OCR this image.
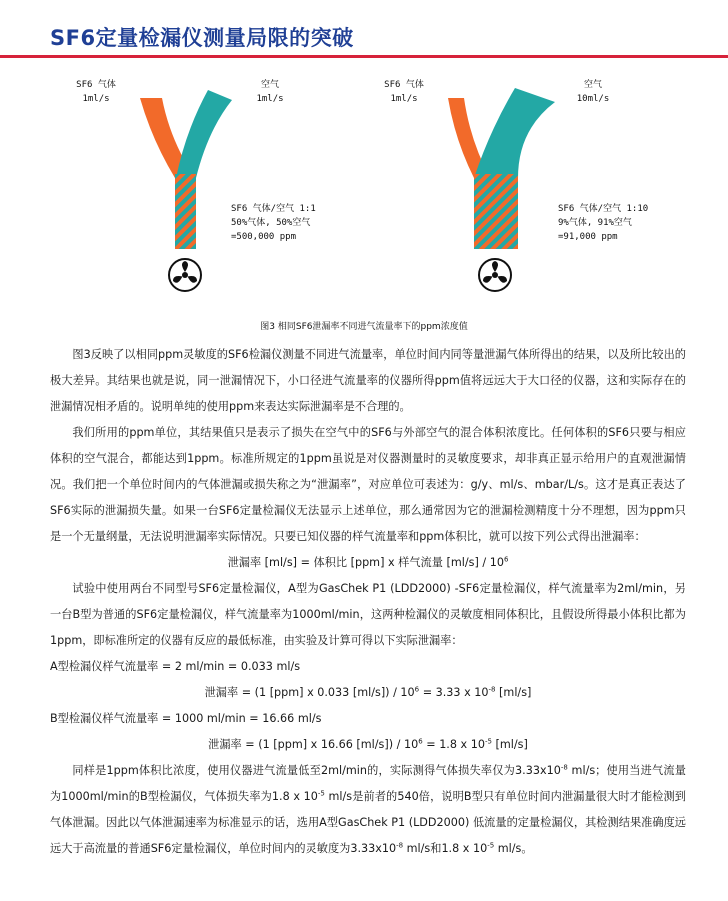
SF6定量检漏仪测量局限的突破
SF6 气体
1ml/s
空气
1ml/s
SF6 气体/空气 1:1
50%气体, 50%空气
=500,000 ppm
SF6 气体
1ml/s
空气
10ml/s
SF6 气体/空气 1:10
9%气体, 91%空气
=91,000 ppm
图3 相同SF6泄漏率不同进气流量率下的ppm浓度值

图3反映了以相同ppm灵敏度的SF6检漏仪测量不同进气流量率，单位时间内同等量泄漏气体所得出的结果，以及所比较出的极大差异。其结果也就是说，同一泄漏情况下，小口径进气流量率的仪器所得ppm值将远远大于大口径的仪器，这和实际存在的泄漏情况相矛盾的。说明单纯的使用ppm来表达实际泄漏率是不合理的。

我们所用的ppm单位，其结果值只是表示了损失在空气中的SF6与外部空气的混合体积浓度比。任何体积的SF6只要与相应体积的空气混合，都能达到1ppm。标准所规定的1ppm虽说是对仪器测量时的灵敏度要求，却非真正显示给用户的直观泄漏情况。我们把一个单位时间内的气体泄漏或损失称之为“泄漏率”，对应单位可表述为：g/y、ml/s、mbar/L/s。这才是真正表达了SF6实际的泄漏损失量。如果一台SF6定量检漏仪无法显示上述单位，那么通常因为它的泄漏检测精度十分不理想，因为ppm只是一个无量纲量，无法说明泄漏率实际情况。只要已知仪器的样气流量率和ppm体积比，就可以按下列公式得出泄漏率：

泄漏率 [ml/s] = 体积比 [ppm] x 样气流量 $[ml/s] / 10^6$

试验中使用两台不同型号SF6定量检漏仪，A型为GasChek P1 (LDD2000) -SF6定量检漏仪，样气流量率为2ml/min，另一台B型为普通的SF6定量检漏仪，样气流量率为1000ml/min，这两种检漏仪的灵敏度相同体积比，且假设所得最小体积比都为1ppm，即标准所定的仪器有反应的最低标准，由实验及计算可得以下实际泄漏率：

A型检漏仪样气流量率 = 2 ml/min = 0.033 ml/s

泄漏率 = (1 [ppm] x 0.033 $[ml/s]) / 10^6 = 3.33$ x $10^{-8}$ [ml/s]

B型检漏仪样气流量率 = 1000 ml/min = 16.66 ml/s

泄漏率 = (1 [ppm] x 16.66 $[ml/s]) / 10^6 = 1.8$ x $10^{-5}$ [ml/s]

同样是1ppm体积比浓度，使用仪器进气流量低至2ml/min的，实际测得气体损失率仅为$3.33x10^{-8}$ ml/s；使用当进气流量为1000ml/min的B型检漏仪，气体损失率为1.8 x $10^{-5}$ ml/s是前者的540倍，说明B型只有单位时间内泄漏量很大时才能检测到气体泄漏。因此以气体泄漏速率为标准显示的话，选用A型GasChek P1 (LDD2000) 低流量的定量检漏仪，其检测结果准确度远远大于高流量的普通SF6定量检漏仪，单位时间内的灵敏度为$3.33x10^{-8}$ ml/s和1.8 x $10^{-5}$ ml/s。
